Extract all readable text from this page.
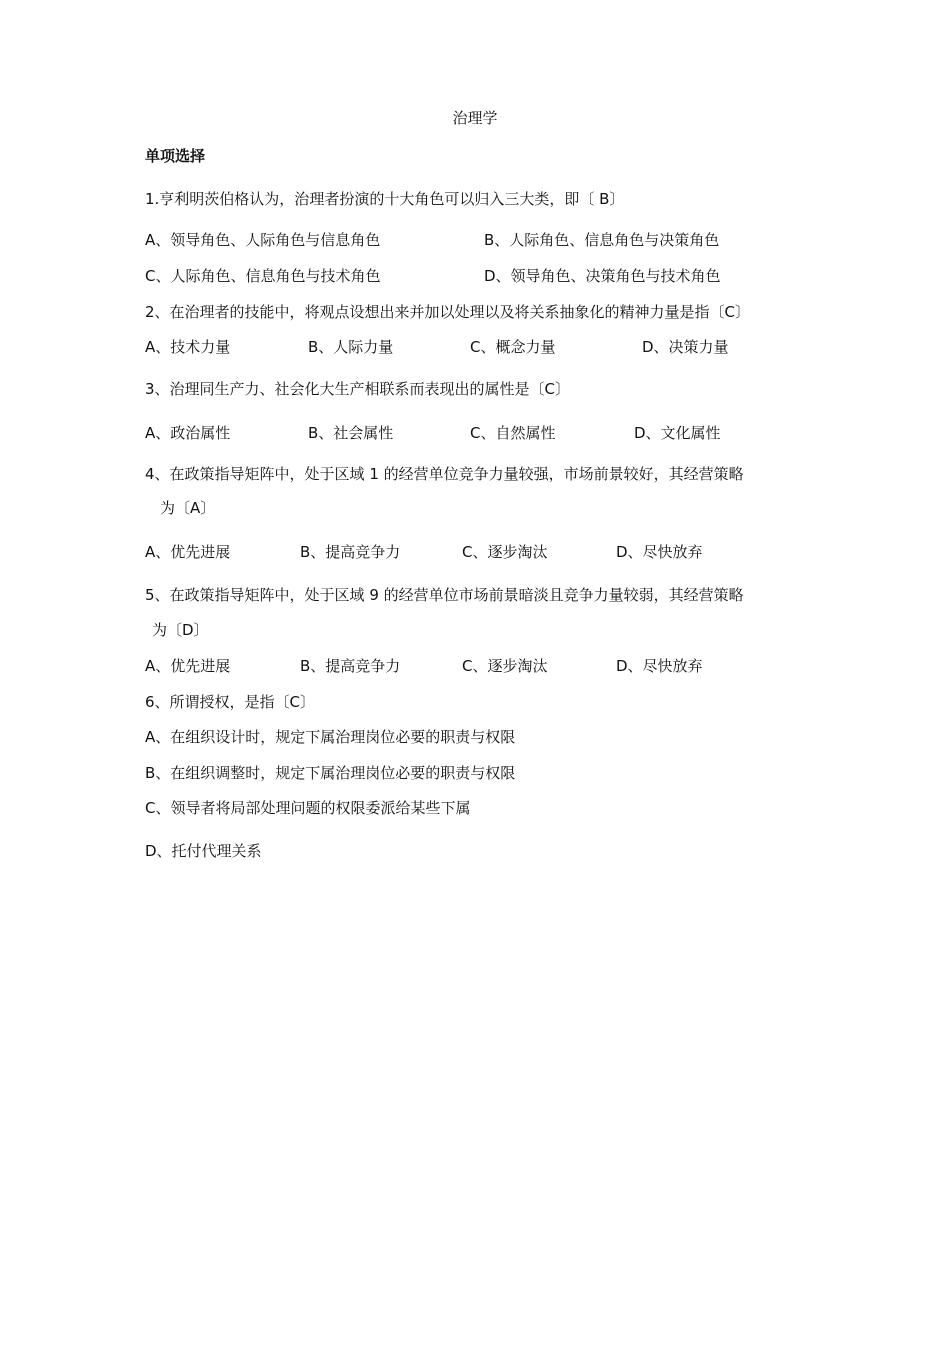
治理学
单项选择
1.亨利明茨伯格认为，治理者扮演的十大角色可以归入三大类，即〔 B〕
A、领导角色、人际角色与信息角色	B、人际角色、信息角色与决策角色
C、人际角色、信息角色与技术角色	D、领导角色、决策角色与技术角色
2、在治理者的技能中，将观点设想出来并加以处理以及将关系抽象化的精神力量是指〔C〕
A、技术力量	B、人际力量	C、概念力量	D、决策力量
3、治理同生产力、社会化大生产相联系而表现出的属性是〔C〕
A、政治属性	B、社会属性	C、自然属性	D、文化属性
4、在政策指导矩阵中，处于区域 1 的经营单位竞争力量较强，市场前景较好，其经营策略
为〔A〕
A、优先进展	B、提高竞争力	C、逐步淘汰	D、尽快放弃
5、在政策指导矩阵中，处于区域 9 的经营单位市场前景暗淡且竞争力量较弱，其经营策略
为〔D〕
A、优先进展	B、提高竞争力	C、逐步淘汰	D、尽快放弃
6、所谓授权，是指〔C〕
A、在组织设计时，规定下属治理岗位必要的职责与权限
B、在组织调整时，规定下属治理岗位必要的职责与权限
C、领导者将局部处理问题的权限委派给某些下属
D、托付代理关系
